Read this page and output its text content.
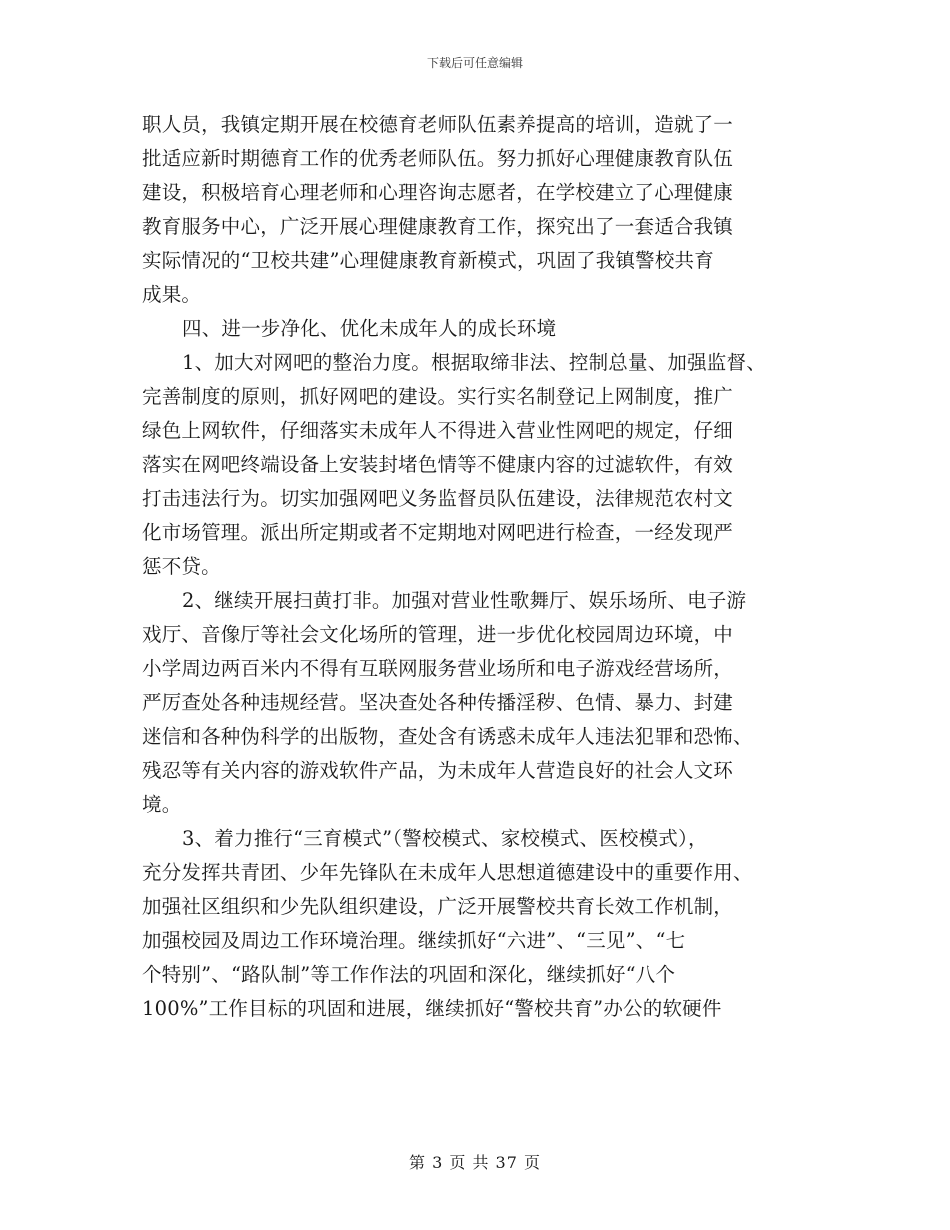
下载后可任意编辑
职人员，我镇定期开展在校德育老师队伍素养提高的培训，造就了一
批适应新时期德育工作的优秀老师队伍。努力抓好心理健康教育队伍
建设，积极培育心理老师和心理咨询志愿者，在学校建立了心理健康
教育服务中心，广泛开展心理健康教育工作，探究出了一套适合我镇
实际情况的“卫校共建”心理健康教育新模式，巩固了我镇警校共育
成果。
四、进一步净化、优化未成年人的成长环境
1、加大对网吧的整治力度。根据取缔非法、控制总量、加强监督、
完善制度的原则，抓好网吧的建设。实行实名制登记上网制度，推广
绿色上网软件，仔细落实未成年人不得进入营业性网吧的规定，仔细
落实在网吧终端设备上安装封堵色情等不健康内容的过滤软件，有效
打击违法行为。切实加强网吧义务监督员队伍建设，法律规范农村文
化市场管理。派出所定期或者不定期地对网吧进行检查，一经发现严
惩不贷。
2、继续开展扫黄打非。加强对营业性歌舞厅、娱乐场所、电子游
戏厅、音像厅等社会文化场所的管理，进一步优化校园周边环境，中
小学周边两百米内不得有互联网服务营业场所和电子游戏经营场所，
严厉查处各种违规经营。坚决查处各种传播淫秽、色情、暴力、封建
迷信和各种伪科学的出版物，查处含有诱惑未成年人违法犯罪和恐怖、
残忍等有关内容的游戏软件产品，为未成年人营造良好的社会人文环
境。
3、着力推行“三育模式”（警校模式、家校模式、医校模式），
充分发挥共青团、少年先锋队在未成年人思想道德建设中的重要作用、
加强社区组织和少先队组织建设，广泛开展警校共育长效工作机制，
加强校园及周边工作环境治理。继续抓好“六进”、“三见”、“七
个特别”、“路队制”等工作作法的巩固和深化，继续抓好“八个
100%”工作目标的巩固和进展，继续抓好“警校共育”办公的软硬件
第 3 页 共 37 页
